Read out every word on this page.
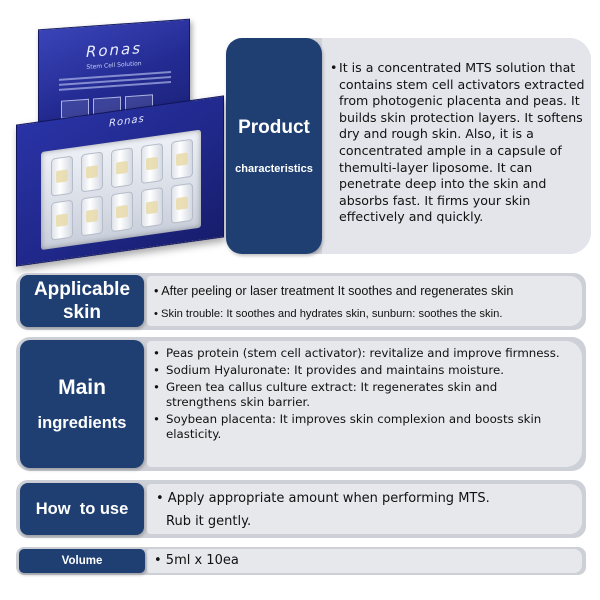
Ronas
Stem Cell Solution
Ronas	Product
characteristics
• It is a concentrated MTS solution that contains stem cell activators extracted from photogenic placenta and peas. It builds skin protection layers. It softens dry and rough skin. Also, it is a concentrated ample in a capsule of themulti-layer liposome. It can penetrate deep into the skin and absorbs fast. It firms your skin effectively and quickly.
Applicable
skin
• After peeling or laser treatment It soothes and regenerates skin
• Skin trouble: It soothes and hydrates skin, sunburn: soothes the skin.
Main
ingredients
• Peas protein (stem cell activator): revitalize and improve firmness.
• Sodium Hyaluronate: It provides and maintains moisture.
• Green tea callus culture extract: It regenerates skin and strengthens skin barrier.
• Soybean placenta: It improves skin complexion and boosts skin elasticity.
How  to use
• Apply appropriate amount when performing MTS.
Rub it gently.
Volume	• 5ml x 10ea
